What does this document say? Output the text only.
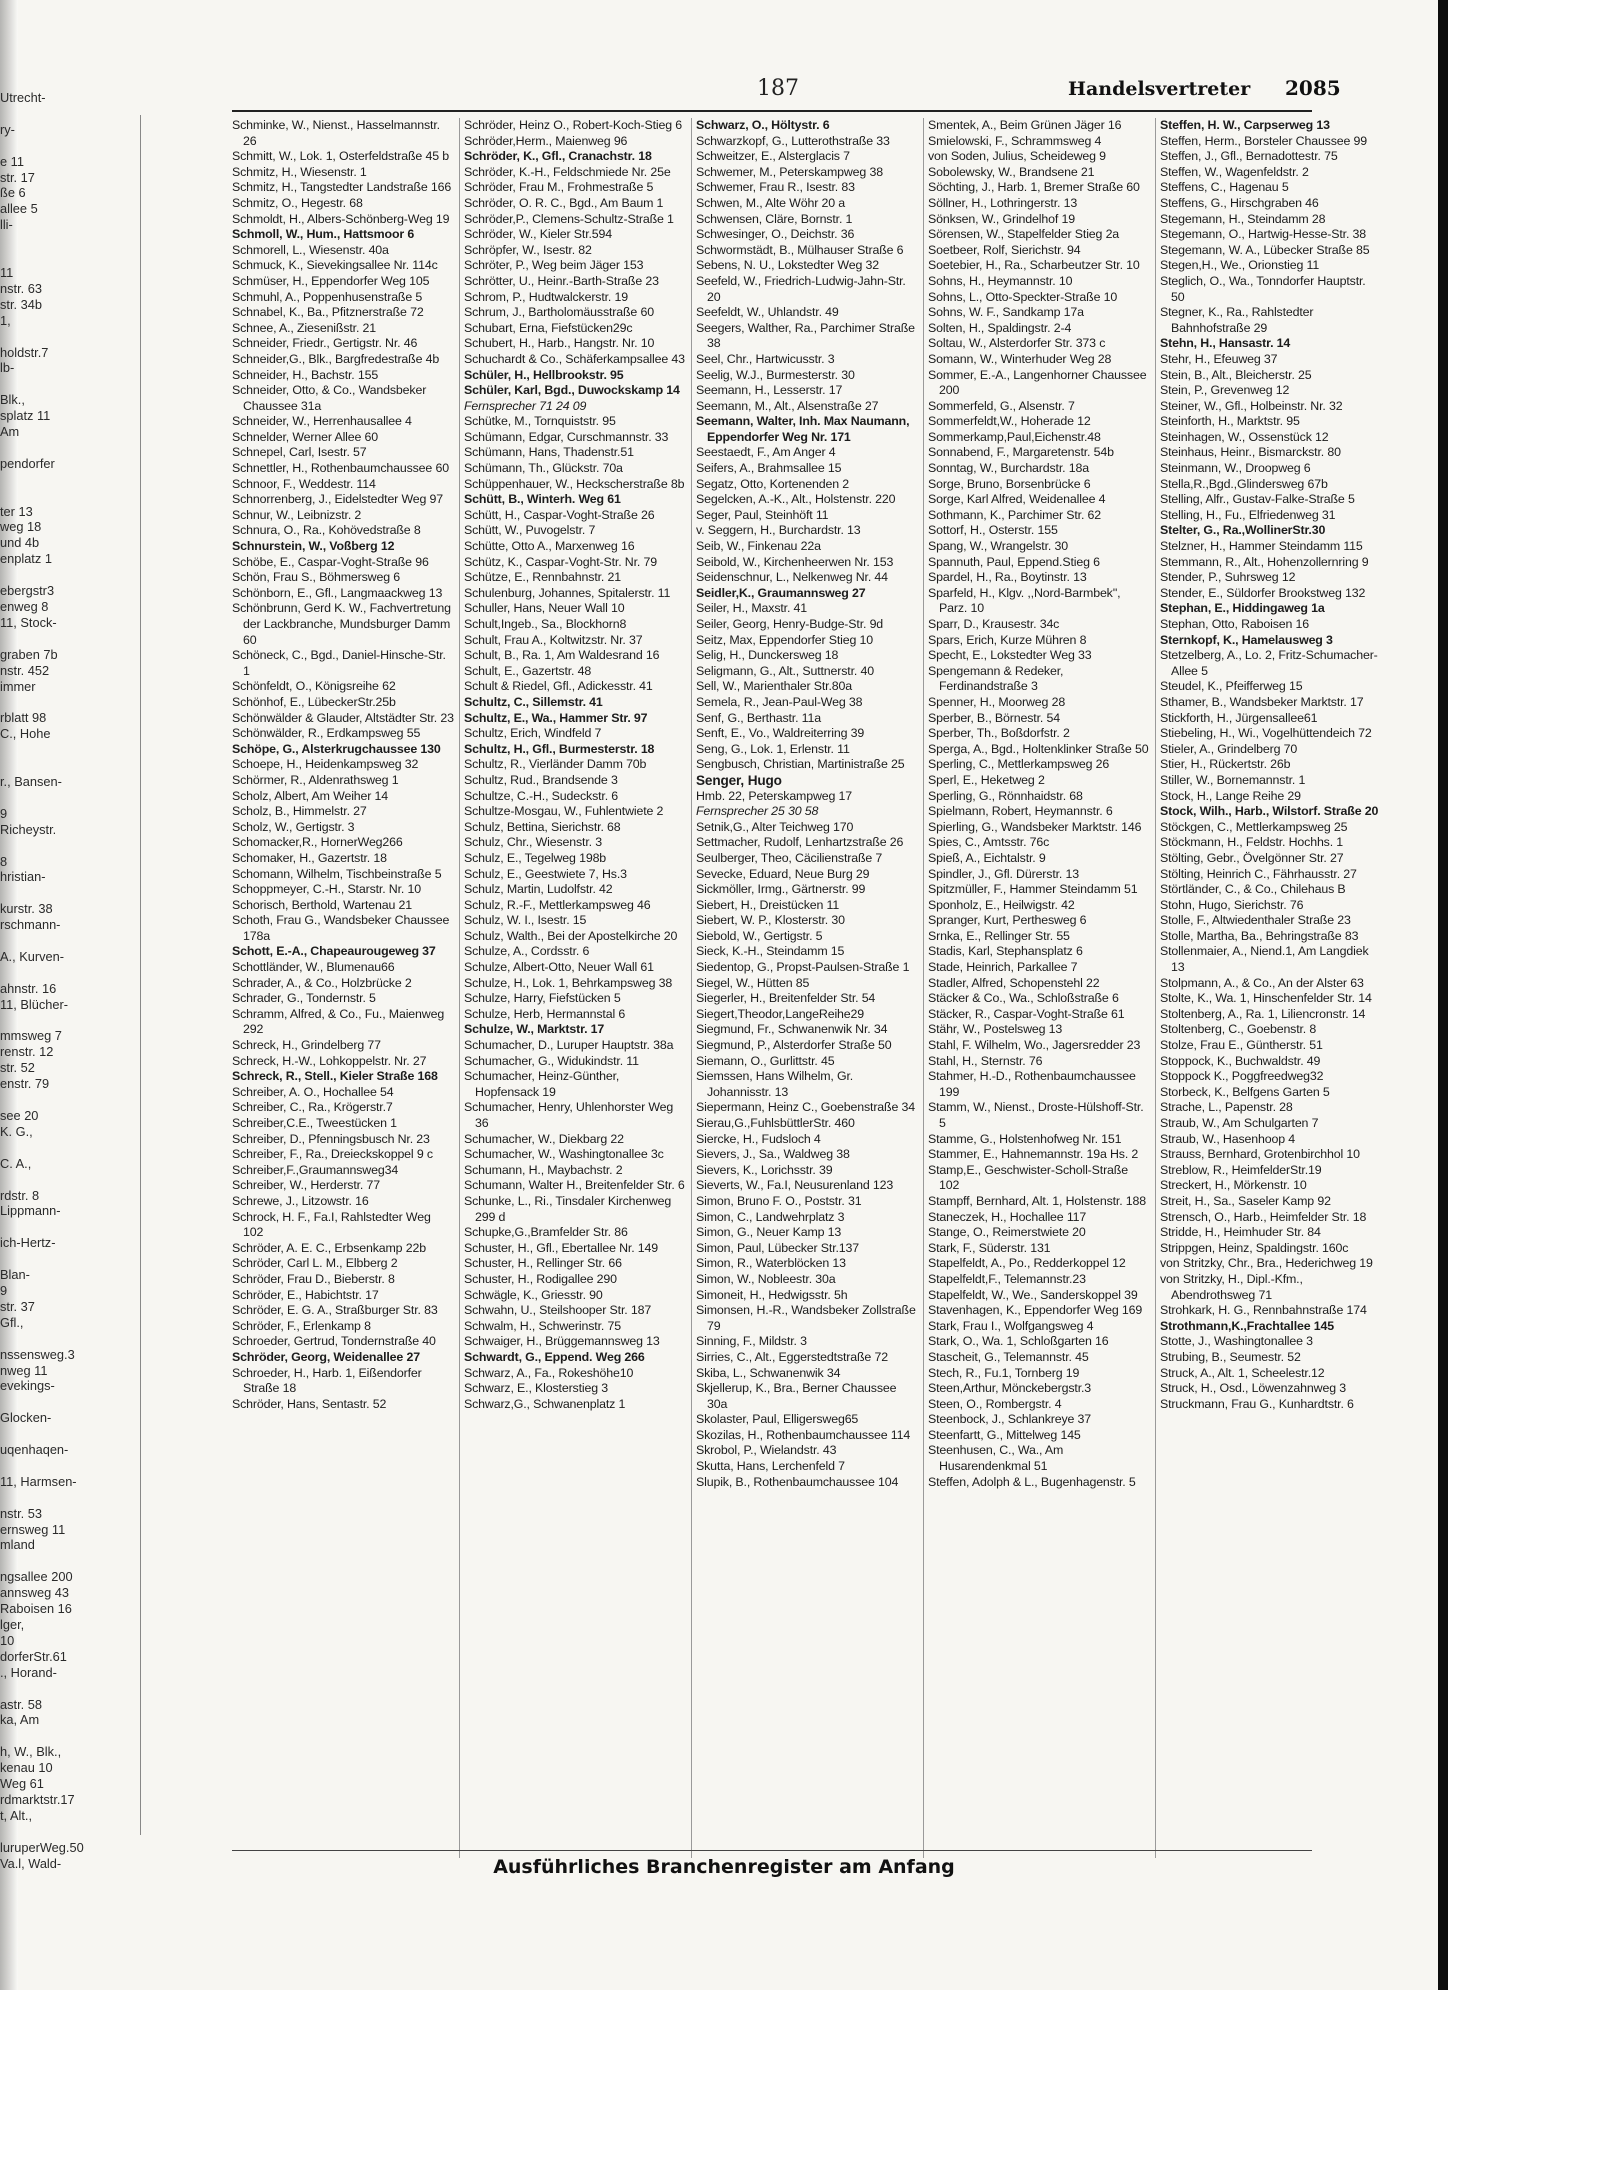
Utrecht-

ry-

e 11
str. 17
ße 6
allee 5
lli-

11
nstr. 63
str. 34b
1,

holdstr.7
lb-

Blk.,
splatz 11
Am

pendorfer

ter 13
weg 18
und 4b
enplatz 1

ebergstr3
enweg 8
11, Stock-

graben 7b
nstr. 452
immer

rblatt 98
C., Hohe

r., Bansen-

9
Richeystr.

8
hristian-

kurstr. 38
rschmann-

A., Kurven-

ahnstr. 16
11, Blücher-

mmsweg 7
renstr. 12
str. 52
enstr. 79

see 20
K. G.,

C. A.,

rdstr. 8
Lippmann-

ich-Hertz-

Blan-
9
str. 37
Gfl.,

nssensweg.3
nweg 11
evekings-

Glocken-

uqenhaqen-

11, Harmsen-

nstr. 53
ernsweg 11
mland

ngsallee 200
annsweg 43
Raboisen 16
lger,
10
dorferStr.61
., Horand-

astr. 58
ka, Am

h, W., Blk.,
kenau 10
Weg 61
rdmarktstr.17
t, Alt.,

luruperWeg.50
Va.l, Wald-
187	Handelsvertreter 2085

Schminke, W., Nienst., Hasselmannstr. 26

Schmitt, W., Lok. 1, Osterfeldstraße 45 b

Schmitz, H., Wiesenstr. 1

Schmitz, H., Tangstedter Landstraße 166

Schmitz, O., Hegestr. 68

Schmoldt, H., Albers-Schönberg-Weg 19

Schmoll, W., Hum., Hattsmoor 6

Schmorell, L., Wiesenstr. 40a

Schmuck, K., Sievekingsallee Nr. 114c

Schmüser, H., Eppendorfer Weg 105

Schmuhl, A., Poppenhusenstraße 5

Schnabel, K., Ba., Pfitznerstraße 72

Schnee, A., Ziesenißstr. 21

Schneider, Friedr., Gertigstr. Nr. 46

Schneider,G., Blk., Bargfredestraße 4b

Schneider, H., Bachstr. 155

Schneider, Otto, & Co., Wandsbeker Chaussee 31a

Schneider, W., Herrenhausallee 4

Schnelder, Werner Allee 60

Schnepel, Carl, Isestr. 57

Schnettler, H., Rothenbaumchaussee 60

Schnoor, F., Weddestr. 114

Schnorrenberg, J., Eidelstedter Weg 97

Schnur, W., Leibnizstr. 2

Schnura, O., Ra., Kohövedstraße 8

Schnurstein, W., Voßberg 12

Schöbe, E., Caspar-Voght-Straße 96

Schön, Frau S., Böhmersweg 6

Schönborn, E., Gfl., Langmaackweg 13

Schönbrunn, Gerd K. W., Fachvertretung der Lackbranche, Mundsburger Damm 60

Schöneck, C., Bgd., Daniel-Hinsche-Str. 1

Schönfeldt, O., Königsreihe 62

Schönhof, E., LübeckerStr.25b

Schönwälder & Glauder, Altstädter Str. 23

Schönwälder, R., Erdkampsweg 55

Schöpe, G., Alsterkrugchaussee 130

Schoepe, H., Heidenkampsweg 32

Schörmer, R., Aldenrathsweg 1

Scholz, Albert, Am Weiher 14

Scholz, B., Himmelstr. 27

Scholz, W., Gertigstr. 3

Schomacker,R., HornerWeg266

Schomaker, H., Gazertstr. 18

Schomann, Wilhelm, Tischbeinstraße 5

Schoppmeyer, C.-H., Starstr. Nr. 10

Schorisch, Berthold, Wartenau 21

Schoth, Frau G., Wandsbeker Chaussee 178a

Schott, E.-A., Chapeaurougeweg 37

Schottländer, W., Blumenau66

Schrader, A., & Co., Holzbrücke 2

Schrader, G., Tondernstr. 5

Schramm, Alfred, & Co., Fu., Maienweg 292

Schreck, H., Grindelberg 77

Schreck, H.-W., Lohkoppelstr. Nr. 27

Schreck, R., Stell., Kieler Straße 168

Schreiber, A. O., Hochallee 54

Schreiber, C., Ra., Krögerstr.7

Schreiber,C.E., Tweestücken 1

Schreiber, D., Pfenningsbusch Nr. 23

Schreiber, F., Ra., Dreieckskoppel 9 c

Schreiber,F.,Graumannsweg34

Schreiber, W., Herderstr. 77

Schrewe, J., Litzowstr. 16

Schrock, H. F., Fa.I, Rahlstedter Weg 102

Schröder, A. E. C., Erbsenkamp 22b

Schröder, Carl L. M., Elbberg 2

Schröder, Frau D., Bieberstr. 8

Schröder, E., Habichtstr. 17

Schröder, E. G. A., Straßburger Str. 83

Schröder, F., Erlenkamp 8

Schroeder, Gertrud, Tondernstraße 40

Schröder, Georg, Weidenallee 27

Schroeder, H., Harb. 1, Eißendorfer Straße 18

Schröder, Hans, Sentastr. 52

Schröder, Heinz O., Robert-Koch-Stieg 6

Schröder,Herm., Maienweg 96

Schröder, K., Gfl., Cranachstr. 18

Schröder, K.-H., Feldschmiede Nr. 25e

Schröder, Frau M., Frohmestraße 5

Schröder, O. R. C., Bgd., Am Baum 1

Schröder,P., Clemens-Schultz-Straße 1

Schröder, W., Kieler Str.594

Schröpfer, W., Isestr. 82

Schröter, P., Weg beim Jäger 153

Schrötter, U., Heinr.-Barth-Straße 23

Schrom, P., Hudtwalckerstr. 19

Schrum, J., Bartholomäusstraße 60

Schubart, Erna, Fiefstücken29c

Schubert, H., Harb., Hangstr. Nr. 10

Schuchardt & Co., Schäferkampsallee 43

Schüler, H., Hellbrookstr. 95

Schüler, Karl, Bgd., Duwockskamp 14

Fernsprecher 71 24 09

Schütke, M., Tornquiststr. 95

Schümann, Edgar, Curschmannstr. 33

Schümann, Hans, Thadenstr.51

Schümann, Th., Glückstr. 70a

Schüppenhauer, W., Heckscherstraße 8b

Schütt, B., Winterh. Weg 61

Schütt, H., Caspar-Voght-Straße 26

Schütt, W., Puvogelstr. 7

Schütte, Otto A., Marxenweg 16

Schütz, K., Caspar-Voght-Str. Nr. 79

Schütze, E., Rennbahnstr. 21

Schulenburg, Johannes, Spitalerstr. 11

Schuller, Hans, Neuer Wall 10

Schult,Ingeb., Sa., Blockhorn8

Schult, Frau A., Koltwitzstr. Nr. 37

Schult, B., Ra. 1, Am Waldesrand 16

Schult, E., Gazertstr. 48

Schult & Riedel, Gfl., Adickesstr. 41

Schultz, C., Sillemstr. 41

Schultz, E., Wa., Hammer Str. 97

Schultz, Erich, Windfeld 7

Schultz, H., Gfl., Burmesterstr. 18

Schultz, R., Vierländer Damm 70b

Schultz, Rud., Brandsende 3

Schultze, C.-H., Sudeckstr. 6

Schultze-Mosgau, W., Fuhlentwiete 2

Schulz, Bettina, Sierichstr. 68

Schulz, Chr., Wiesenstr. 3

Schulz, E., Tegelweg 198b

Schulz, E., Geestwiete 7, Hs.3

Schulz, Martin, Ludolfstr. 42

Schulz, R.-F., Mettlerkampsweg 46

Schulz, W. I., Isestr. 15

Schulz, Walth., Bei der Apostelkirche 20

Schulze, A., Cordsstr. 6

Schulze, Albert-Otto, Neuer Wall 61

Schulze, H., Lok. 1, Behrkampsweg 38

Schulze, Harry, Fiefstücken 5

Schulze, Herb, Hermannstal 6

Schulze, W., Marktstr. 17

Schumacher, D., Luruper Hauptstr. 38a

Schumacher, G., Widukindstr. 11

Schumacher, Heinz-Günther, Hopfensack 19

Schumacher, Henry, Uhlenhorster Weg 36

Schumacher, W., Diekbarg 22

Schumacher, W., Washingtonallee 3c

Schumann, H., Maybachstr. 2

Schumann, Walter H., Breitenfelder Str. 6

Schunke, L., Ri., Tinsdaler Kirchenweg 299 d

Schupke,G.,Bramfelder Str. 86

Schuster, H., Gfl., Ebertallee Nr. 149

Schuster, H., Rellinger Str. 66

Schuster, H., Rodigallee 290

Schwägle, K., Griesstr. 90

Schwahn, U., Steilshooper Str. 187

Schwalm, H., Schwerinstr. 75

Schwaiger, H., Brüggemannsweg 13

Schwardt, G., Eppend. Weg 266

Schwarz, A., Fa., Rokeshöhe10

Schwarz, E., Klosterstieg 3

Schwarz,G., Schwanenplatz 1

Schwarz, O., Höltystr. 6

Schwarzkopf, G., Lutterothstraße 33

Schweitzer, E., Alsterglacis 7

Schwemer, M., Peterskampweg 38

Schwemer, Frau R., Isestr. 83

Schwen, M., Alte Wöhr 20 a

Schwensen, Cläre, Bornstr. 1

Schwesinger, O., Deichstr. 36

Schwormstädt, B., Mülhauser Straße 6

Sebens, N. U., Lokstedter Weg 32

Seefeld, W., Friedrich-Ludwig-Jahn-Str. 20

Seefeldt, W., Uhlandstr. 49

Seegers, Walther, Ra., Parchimer Straße 38

Seel, Chr., Hartwicusstr. 3

Seelig, W.J., Burmesterstr. 30

Seemann, H., Lesserstr. 17

Seemann, M., Alt., Alsenstraße 27

Seemann, Walter, Inh. Max Naumann, Eppendorfer Weg Nr. 171

Seestaedt, F., Am Anger 4

Seifers, A., Brahmsallee 15

Segatz, Otto, Kortenenden 2

Segelcken, A.-K., Alt., Holstenstr. 220

Seger, Paul, Steinhöft 11

v. Seggern, H., Burchardstr. 13

Seib, W., Finkenau 22a

Seibold, W., Kirchenheerwen Nr. 153

Seidenschnur, L., Nelkenweg Nr. 44

Seidler,K., Graumannsweg 27

Seiler, H., Maxstr. 41

Seiler, Georg, Henry-Budge-Str. 9d

Seitz, Max, Eppendorfer Stieg 10

Selig, H., Dunckersweg 18

Seligmann, G., Alt., Suttnerstr. 40

Sell, W., Marienthaler Str.80a

Semela, R., Jean-Paul-Weg 38

Senf, G., Berthastr. 11a

Senft, E., Vo., Waldreiterring 39

Seng, G., Lok. 1, Erlenstr. 11

Sengbusch, Christian, Martinistraße 25

Senger, Hugo

Hmb. 22, Peterskampweg 17

Fernsprecher 25 30 58

Setnik,G., Alter Teichweg 170

Settmacher, Rudolf, Lenhartzstraße 26

Seulberger, Theo, Cäcilienstraße 7

Sevecke, Eduard, Neue Burg 29

Sickmöller, Irmg., Gärtnerstr. 99

Siebert, H., Dreistücken 11

Siebert, W. P., Klosterstr. 30

Siebold, W., Gertigstr. 5

Sieck, K.-H., Steindamm 15

Siedentop, G., Propst-Paulsen-Straße 1

Siegel, W., Hütten 85

Siegerler, H., Breitenfelder Str. 54

Siegert,Theodor,LangeReihe29

Siegmund, Fr., Schwanenwik Nr. 34

Siegmund, P., Alsterdorfer Straße 50

Siemann, O., Gurlittstr. 45

Siemssen, Hans Wilhelm, Gr. Johannisstr. 13

Siepermann, Heinz C., Goebenstraße 34

Sierau,G.,FuhlsbüttlerStr. 460

Siercke, H., Fudsloch 4

Sievers, J., Sa., Waldweg 38

Sievers, K., Lorichsstr. 39

Sieverts, W., Fa.I, Neusurenland 123

Simon, Bruno F. O., Poststr. 31

Simon, C., Landwehrplatz 3

Simon, G., Neuer Kamp 13

Simon, Paul, Lübecker Str.137

Simon, R., Waterblöcken 13

Simon, W., Nobleestr. 30a

Simoneit, H., Hedwigsstr. 5h

Simonsen, H.-R., Wandsbeker Zollstraße 79

Sinning, F., Mildstr. 3

Sirries, C., Alt., Eggerstedtstraße 72

Skiba, L., Schwanenwik 34

Skjellerup, K., Bra., Berner Chaussee 30a

Skolaster, Paul, Elligersweg65

Skozilas, H., Rothenbaumchaussee 114

Skrobol, P., Wielandstr. 43

Skutta, Hans, Lerchenfeld 7

Slupik, B., Rothenbaumchaussee 104

Smentek, A., Beim Grünen Jäger 16

Smielowski, F., Schrammsweg 4

von Soden, Julius, Scheideweg 9

Sobolewsky, W., Brandsene 21

Söchting, J., Harb. 1, Bremer Straße 60

Söllner, H., Lothringerstr. 13

Sönksen, W., Grindelhof 19

Sörensen, W., Stapelfelder Stieg 2a

Soetbeer, Rolf, Sierichstr. 94

Soetebier, H., Ra., Scharbeutzer Str. 10

Sohns, H., Heymannstr. 10

Sohns, L., Otto-Speckter-Straße 10

Sohns, W. F., Sandkamp 17a

Solten, H., Spaldingstr. 2-4

Soltau, W., Alsterdorfer Str. 373 c

Somann, W., Winterhuder Weg 28

Sommer, E.-A., Langenhorner Chaussee 200

Sommerfeld, G., Alsenstr. 7

Sommerfeldt,W., Hoherade 12

Sommerkamp,Paul,Eichenstr.48

Sonnabend, F., Margaretenstr. 54b

Sonntag, W., Burchardstr. 18a

Sorge, Bruno, Borsenbrücke 6

Sorge, Karl Alfred, Weidenallee 4

Sothmann, K., Parchimer Str. 62

Sottorf, H., Osterstr. 155

Spang, W., Wrangelstr. 30

Spannuth, Paul, Eppend.Stieg 6

Spardel, H., Ra., Boytinstr. 13

Sparfeld, H., Klgv. ,,Nord-Barmbek'', Parz. 10

Sparr, D., Krausestr. 34c

Spars, Erich, Kurze Mühren 8

Specht, E., Lokstedter Weg 33

Spengemann & Redeker, Ferdinandstraße 3

Spenner, H., Moorweg 28

Sperber, B., Börnestr. 54

Sperber, Th., Boßdorfstr. 2

Sperga, A., Bgd., Holtenklinker Straße 50

Sperling, C., Mettlerkampsweg 26

Sperl, E., Heketweg 2

Sperling, G., Rönnhaidstr. 68

Spielmann, Robert, Heymannstr. 6

Spierling, G., Wandsbeker Marktstr. 146

Spies, C., Amtsstr. 76c

Spieß, A., Eichtalstr. 9

Spindler, J., Gfl. Dürerstr. 13

Spitzmüller, F., Hammer Steindamm 51

Sponholz, E., Heilwigstr. 42

Spranger, Kurt, Perthesweg 6

Srnka, E., Rellinger Str. 55

Stadis, Karl, Stephansplatz 6

Stade, Heinrich, Parkallee 7

Stadler, Alfred, Schopenstehl 22

Stäcker & Co., Wa., Schloßstraße 6

Stäcker, R., Caspar-Voght-Straße 61

Stähr, W., Postelsweg 13

Stahl, F. Wilhelm, Wo., Jagersredder 23

Stahl, H., Sternstr. 76

Stahmer, H.-D., Rothenbaumchaussee 199

Stamm, W., Nienst., Droste-Hülshoff-Str. 5

Stamme, G., Holstenhofweg Nr. 151

Stammer, E., Hahnemannstr. 19a Hs. 2

Stamp,E., Geschwister-Scholl-Straße 102

Stampff, Bernhard, Alt. 1, Holstenstr. 188

Staneczek, H., Hochallee 117

Stange, O., Reimerstwiete 20

Stark, F., Süderstr. 131

Stapelfeldt, A., Po., Redderkoppel 12

Stapelfeldt,F., Telemannstr.23

Stapelfeldt, W., We., Sanderskoppel 39

Stavenhagen, K., Eppendorfer Weg 169

Stark, Frau I., Wolfgangsweg 4

Stark, O., Wa. 1, Schloßgarten 16

Stascheit, G., Telemannstr. 45

Stech, R., Fu.1, Tornberg 19

Steen,Arthur, Mönckebergstr.3

Steen, O., Rombergstr. 4

Steenbock, J., Schlankreye 37

Steenfartt, G., Mittelweg 145

Steenhusen, C., Wa., Am Husarendenkmal 51

Steffen, Adolph & L., Bugenhagenstr. 5

Steffen, H. W., Carpserweg 13

Steffen, Herm., Borsteler Chaussee 99

Steffen, J., Gfl., Bernadottestr. 75

Steffen, W., Wagenfeldstr. 2

Steffens, C., Hagenau 5

Steffens, G., Hirschgraben 46

Stegemann, H., Steindamm 28

Stegemann, O., Hartwig-Hesse-Str. 38

Stegemann, W. A., Lübecker Straße 85

Stegen,H., We., Orionstieg 11

Steglich, O., Wa., Tonndorfer Hauptstr. 50

Stegner, K., Ra., Rahlstedter Bahnhofstraße 29

Stehn, H., Hansastr. 14

Stehr, H., Efeuweg 37

Stein, B., Alt., Bleicherstr. 25

Stein, P., Grevenweg 12

Steiner, W., Gfl., Holbeinstr. Nr. 32

Steinforth, H., Marktstr. 95

Steinhagen, W., Ossenstück 12

Steinhaus, Heinr., Bismarckstr. 80

Steinmann, W., Droopweg 6

Stella,R.,Bgd.,Glindersweg 67b

Stelling, Alfr., Gustav-Falke-Straße 5

Stelling, H., Fu., Elfriedenweg 31

Stelter, G., Ra.,WollinerStr.30

Stelzner, H., Hammer Steindamm 115

Stemmann, R., Alt., Hohenzollernring 9

Stender, P., Suhrsweg 12

Stender, E., Süldorfer Brookstweg 132

Stephan, E., Hiddingaweg 1a

Stephan, Otto, Raboisen 16

Sternkopf, K., Hamelausweg 3

Stetzelberg, A., Lo. 2, Fritz-Schumacher-Allee 5

Steudel, K., Pfeifferweg 15

Sthamer, B., Wandsbeker Marktstr. 17

Stickforth, H., Jürgensallee61

Stiebeling, H., Wi., Vogelhüttendeich 72

Stieler, A., Grindelberg 70

Stier, H., Rückertstr. 26b

Stiller, W., Bornemannstr. 1

Stock, H., Lange Reihe 29

Stock, Wilh., Harb., Wilstorf. Straße 20

Stöckgen, C., Mettlerkampsweg 25

Stöckmann, H., Feldstr. Hochhs. 1

Stölting, Gebr., Övelgönner Str. 27

Stölting, Heinrich C., Fährhausstr. 27

Störtländer, C., & Co., Chilehaus B

Stohn, Hugo, Sierichstr. 76

Stolle, F., Altwiedenthaler Straße 23

Stolle, Martha, Ba., Behringstraße 83

Stollenmaier, A., Niend.1, Am Langdiek 13

Stolpmann, A., & Co., An der Alster 63

Stolte, K., Wa. 1, Hinschenfelder Str. 14

Stoltenberg, A., Ra. 1, Liliencronstr. 14

Stoltenberg, C., Goebenstr. 8

Stolze, Frau E., Güntherstr. 51

Stoppock, K., Buchwaldstr. 49

Stoppock K., Poggfreedweg32

Storbeck, K., Belfgens Garten 5

Strache, L., Papenstr. 28

Straub, W., Am Schulgarten 7

Straub, W., Hasenhoop 4

Strauss, Bernhard, Grotenbirchhol 10

Streblow, R., HeimfelderStr.19

Streckert, H., Mörkenstr. 10

Streit, H., Sa., Saseler Kamp 92

Strensch, O., Harb., Heimfelder Str. 18

Stridde, H., Heimhuder Str. 84

Strippgen, Heinz, Spaldingstr. 160c

von Stritzky, Chr., Bra., Hederichweg 19

von Stritzky, H., Dipl.-Kfm., Abendrothsweg 71

Strohkark, H. G., Rennbahnstraße 174

Strothmann,K.,Frachtallee 145

Stotte, J., Washingtonallee 3

Strubing, B., Seumestr. 52

Struck, A., Alt. 1, Scheelestr.12

Struck, H., Osd., Löwenzahnweg 3

Struckmann, Frau G., Kunhardtstr. 6

Ausführliches Branchenregister am Anfang
